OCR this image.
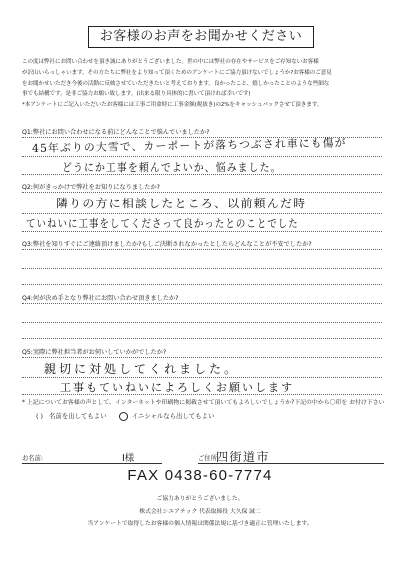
お客様のお声をお聞かせください

この度は弊社にお問い合わせを頂き誠にありがとうございました。世の中には弊社の存在やサービスをご存知ないお客様

が沢山いらっしゃいます。その方たちに弊社をより知って頂くためのアンケートにご協力頂けないでしょうか?お客様のご意見

をお聞かせいただき今後の活動に反映させていただきたいと考えております。良かったこと、嬉しかったことのような些細な

事でも結構です。是非ご協力お願い致します。(出来る限り具体的に書いて頂ければ幸いです)

*本アンケートにご記入いただいたお客様には工事ご用命時に工事金額(税抜き)の2%をキャッシュバックさせて頂きます。

Q1:弊社にお問い合わせになる前にどんなことで悩んでいましたか?
45年ぶりの大雪で、カーポートが落ちつぶされ車にも傷が
どうにか工事を頼んでよいか、悩みました。
Q2:何がきっかけで弊社をお知りになりましたか?
隣りの方に相談したところ、以前頼んだ時
ていねいに工事をしてくださって良かったとのことでした
Q3:弊社を知りすぐにご連絡頂けましたか?もしご決断されなかったとしたらどんなことが不安でしたか?
Q4:何が決め手となり弊社にお問い合わせ頂きましたか?
Q5:実際に弊社担当者がお伺いしていかがでしたか?
親切に対処してくれました。
工事もていねいによろしくお願いします
* 上記についてお客様の声として、インターネットや印刷物に掲載させて頂いてもよろしいでしょうか?下記の中から〇印を お付け下さい
( ) 名前を出してもよい	イニシャルなら出してもよい
お名前:	I様	ご住所:
四街道市
FAX 0438-60-7774
ご協力ありがとうございました。
株式会社シエアテック 代表取締役 大久保 誠二
当アンケートで取得したお客様の個人情報は関係法規に基づき適正に管理いたします。
